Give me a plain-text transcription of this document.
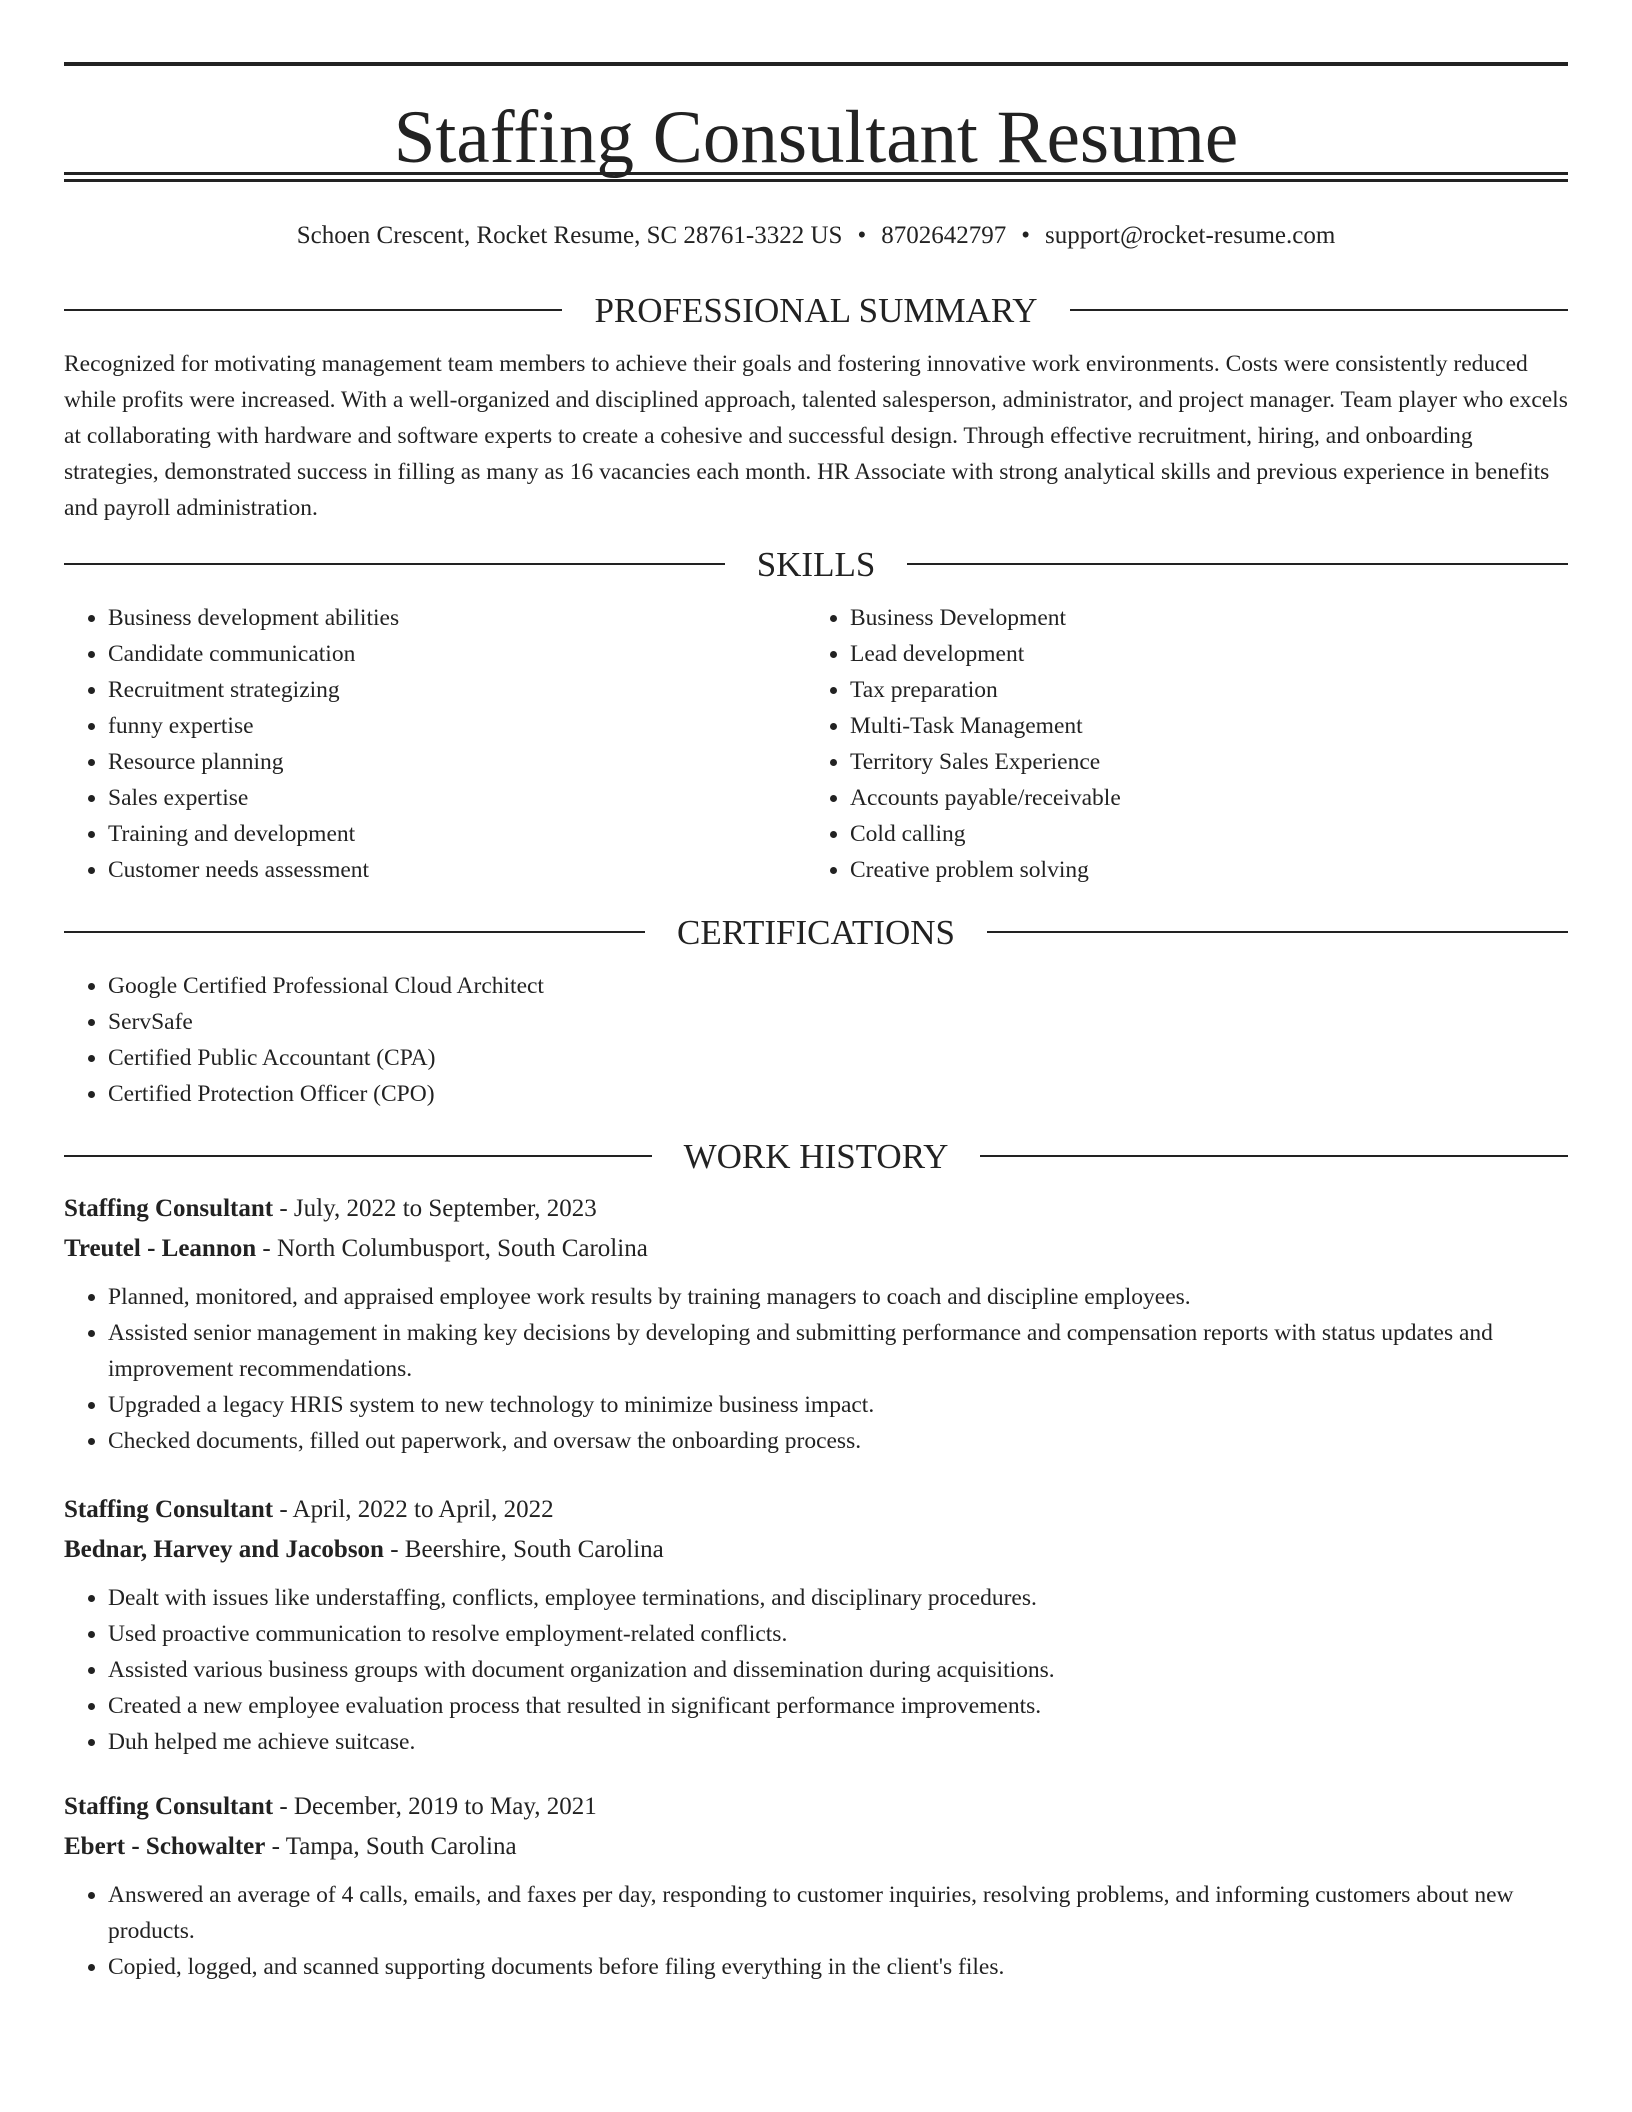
Staffing Consultant Resume
Schoen Crescent, Rocket Resume, SC 28761-3322 US • 8702642797 • support@rocket-resume.com
PROFESSIONAL SUMMARY

Recognized for motivating management team members to achieve their goals and fostering innovative work environments. Costs were consistently reduced while profits were increased. With a well-organized and disciplined approach, talented salesperson, administrator, and project manager. Team player who excels at collaborating with hardware and software experts to create a cohesive and successful design. Through effective recruitment, hiring, and onboarding strategies, demonstrated success in filling as many as 16 vacancies each month. HR Associate with strong analytical skills and previous experience in benefits and payroll administration.

SKILLS
• Business development abilities
• Candidate communication
• Recruitment strategizing
• funny expertise
• Resource planning
• Sales expertise
• Training and development
• Customer needs assessment
• Business Development
• Lead development
• Tax preparation
• Multi-Task Management
• Territory Sales Experience
• Accounts payable/receivable
• Cold calling
• Creative problem solving
CERTIFICATIONS
• Google Certified Professional Cloud Architect
• ServSafe
• Certified Public Accountant (CPA)
• Certified Protection Officer (CPO)
WORK HISTORY
Staffing Consultant - July, 2022 to September, 2023
Treutel - Leannon - North Columbusport, South Carolina
• Planned, monitored, and appraised employee work results by training managers to coach and discipline employees.
• Assisted senior management in making key decisions by developing and submitting performance and compensation reports with status updates and improvement recommendations.
• Upgraded a legacy HRIS system to new technology to minimize business impact.
• Checked documents, filled out paperwork, and oversaw the onboarding process.
Staffing Consultant - April, 2022 to April, 2022
Bednar, Harvey and Jacobson - Beershire, South Carolina
• Dealt with issues like understaffing, conflicts, employee terminations, and disciplinary procedures.
• Used proactive communication to resolve employment-related conflicts.
• Assisted various business groups with document organization and dissemination during acquisitions.
• Created a new employee evaluation process that resulted in significant performance improvements.
• Duh helped me achieve suitcase.
Staffing Consultant - December, 2019 to May, 2021
Ebert - Schowalter - Tampa, South Carolina
• Answered an average of 4 calls, emails, and faxes per day, responding to customer inquiries, resolving problems, and informing customers about new products.
• Copied, logged, and scanned supporting documents before filing everything in the client's files.
